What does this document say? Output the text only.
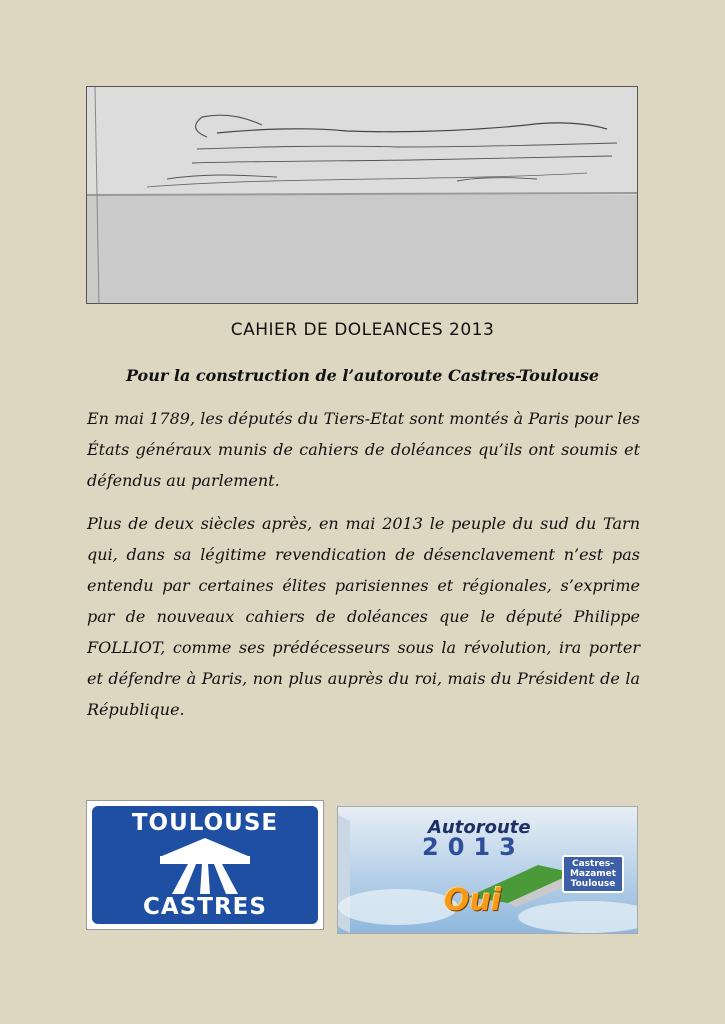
CAHIER DE DOLEANCES 2013
Pour la construction de l’autoroute Castres-Toulouse
En mai 1789, les députés du Tiers-Etat sont montés à Paris pour les États généraux munis de cahiers de doléances qu’ils ont soumis et défendus au parlement.
Plus de deux siècles après, en mai 2013 le peuple du sud du Tarn qui, dans sa légitime revendication de désenclavement n’est pas entendu par certaines élites parisiennes et régionales, s’exprime par de nouveaux cahiers de doléances que le député Philippe FOLLIOT, comme ses prédécesseurs sous la révolution, ira porter et défendre à Paris, non plus auprès du roi, mais du Président de la République.
TOULOUSE
CASTRES
Autoroute
2013
Oui
Castres-
Mazamet
Toulouse
